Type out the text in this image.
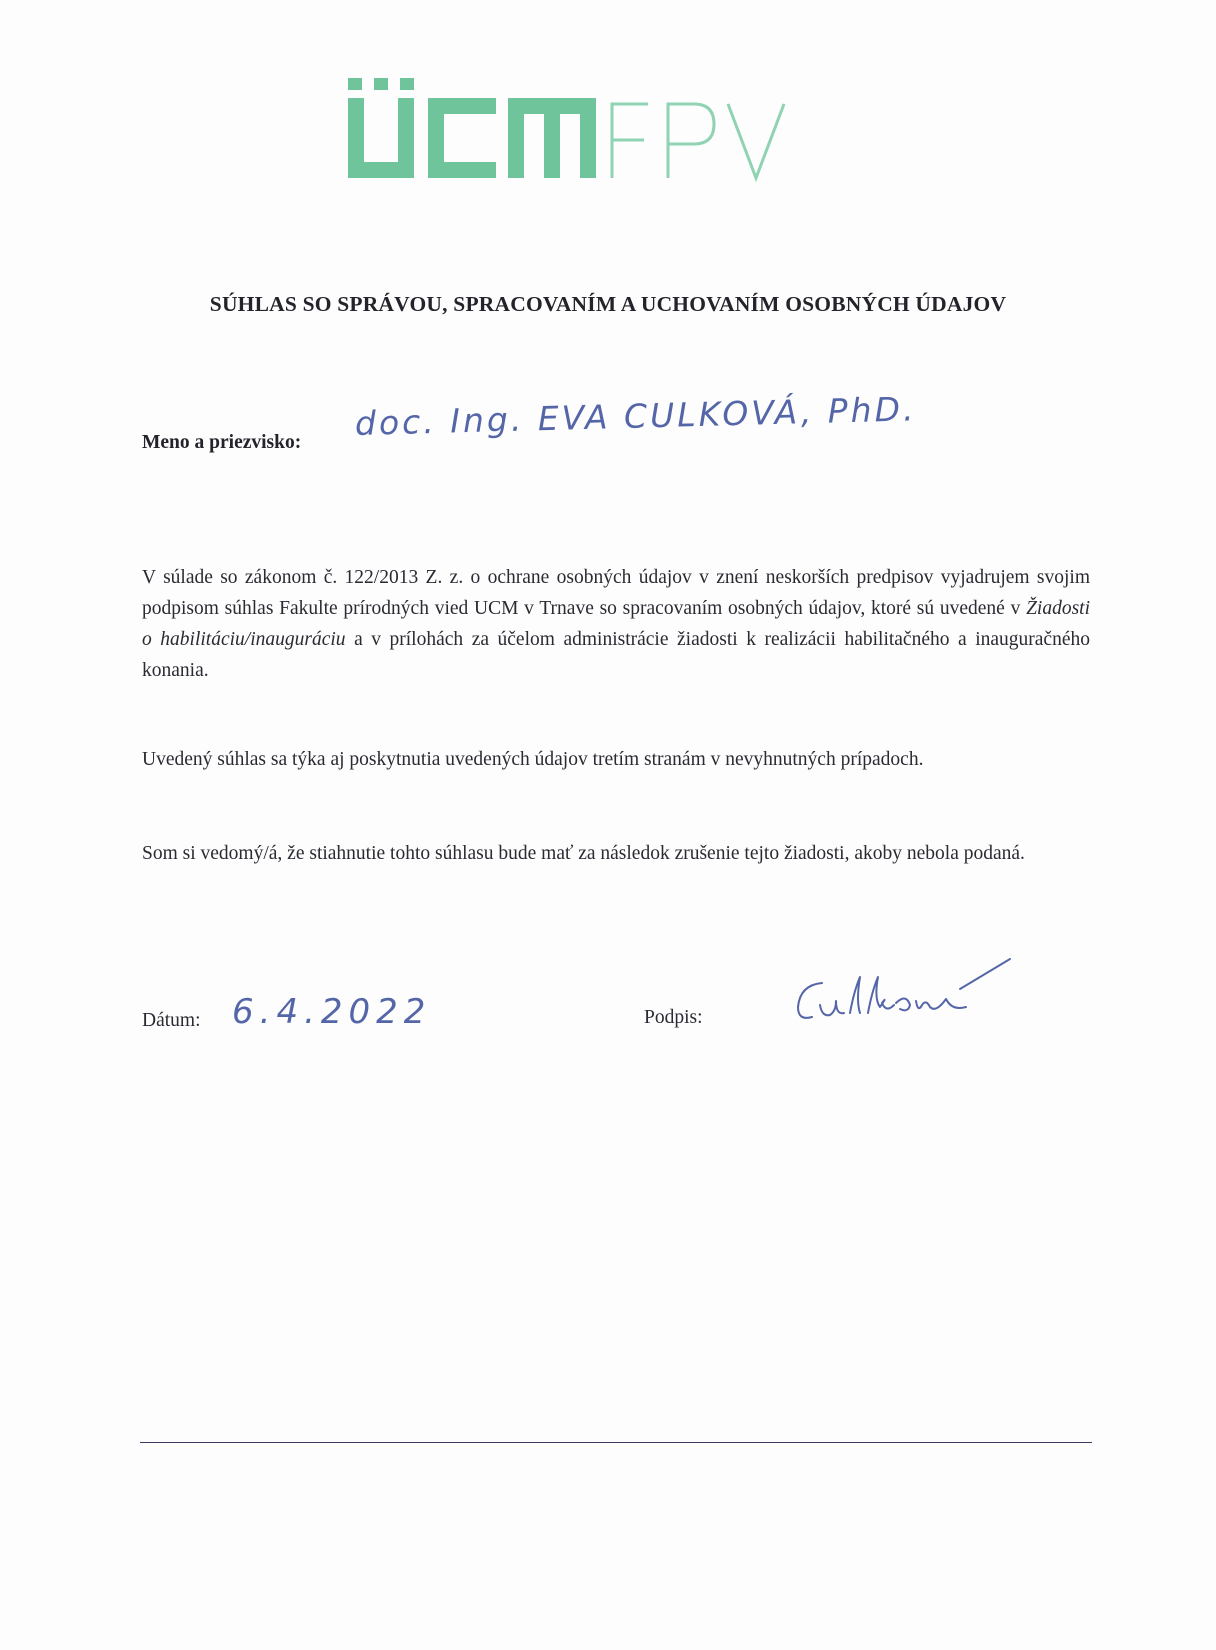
SÚHLAS SO SPRÁVOU, SPRACOVANÍM A UCHOVANÍM OSOBNÝCH ÚDAJOV
Meno a priezvisko: doc. Ing. EVA CULKOVÁ, PhD.
V súlade so zákonom č. 122/2013 Z. z. o ochrane osobných údajov v znení neskorších predpisov vyjadrujem svojim podpisom súhlas Fakulte prírodných vied UCM v Trnave so spracovaním osobných údajov, ktoré sú uvedené v Žiadosti o habilitáciu/inauguráciu a v prílohách za účelom administrácie žiadosti k realizácii habilitačného a inauguračného konania.
Uvedený súhlas sa týka aj poskytnutia uvedených údajov tretím stranám v nevyhnutných prípadoch.
Som si vedomý/á, že stiahnutie tohto súhlasu bude mať za následok zrušenie tejto žiadosti, akoby nebola podaná.
Dátum: 6.4.2022	Podpis:
